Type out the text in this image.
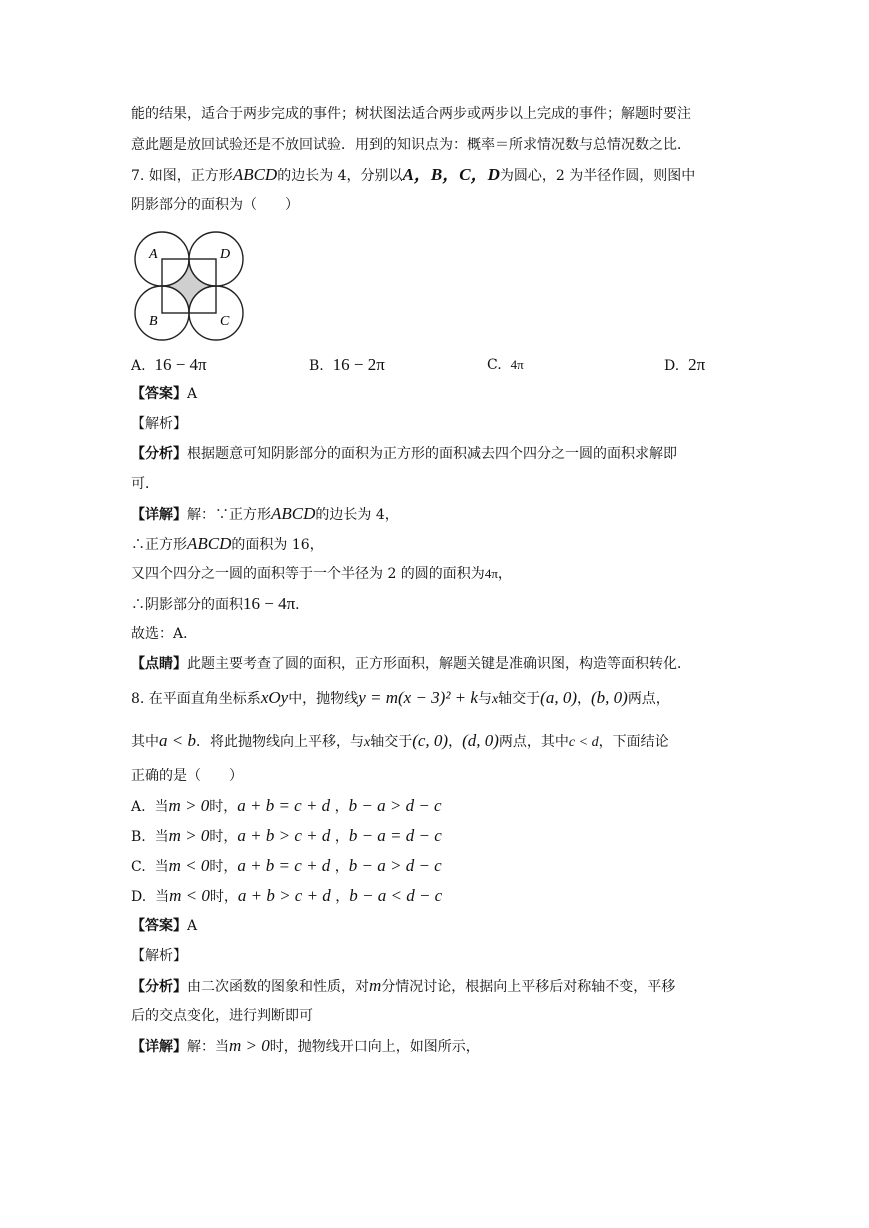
能的结果，适合于两步完成的事件；树状图法适合两步或两步以上完成的事件；解题时要注
意此题是放回试验还是不放回试验．用到的知识点为：概率＝所求情况数与总情况数之比．
7. 如图，正方形ABCD的边长为 4，分别以A，B，C，D为圆心，2 为半径作圆，则图中
阴影部分的面积为（　　）
A	D
B	C
A. 16 − 4π	B. 16 − 2π	C. 4π	D. 2π
【答案】A
【解析】
【分析】根据题意可知阴影部分的面积为正方形的面积减去四个四分之一圆的面积求解即
可．
【详解】解：∵正方形ABCD的边长为 4，
∴正方形ABCD的面积为 16，
又四个四分之一圆的面积等于一个半径为 2 的圆的面积为4π，
∴阴影部分的面积16 − 4π．
故选：A．
【点睛】此题主要考查了圆的面积，正方形面积，解题关键是准确识图，构造等面积转化．
8. 在平面直角坐标系xOy中，抛物线y = m(x − 3)² + k与x轴交于(a, 0)，(b, 0)两点，
其中a < b．将此抛物线向上平移，与x轴交于(c, 0)，(d, 0)两点，其中c < d，下面结论
正确的是（　　）
A. 当m > 0时，a + b = c + d ，b − a > d − c
B. 当m > 0时，a + b > c + d ，b − a = d − c
C. 当m < 0时，a + b = c + d ，b − a > d − c
D. 当m < 0时，a + b > c + d ，b − a < d − c
【答案】A
【解析】
【分析】由二次函数的图象和性质，对m分情况讨论，根据向上平移后对称轴不变，平移
后的交点变化，进行判断即可
【详解】解：当m > 0时，抛物线开口向上，如图所示，
